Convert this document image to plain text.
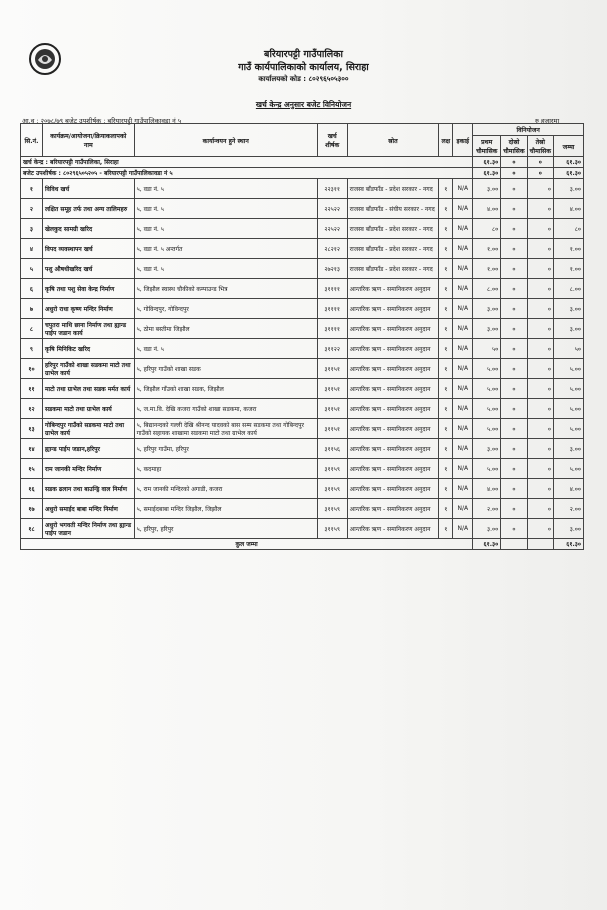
बरियारपट्टी गाउँपालिका
गाउँ कार्यपालिकाको कार्यालय, सिराहा
कार्यालयको कोड : ८०२९६५०५३००
खर्च केन्द्र अनुसार बजेट विनियोजन
आ.व : २०७८/७९ बजेट उपशीर्षक : बरियारपट्टी गाउँपालिकावडा नं ५	रु हजारमा
सि.नं.	कार्यक्रम/आयोजना/क्रियाकलापको नाम	कार्यान्वयन हुने स्थान	खर्च शीर्षक	स्रोत	लक्ष	इकाई	विनियोजन			
							प्रथम चौमासिक	दोस्रो चौमासिक	तेस्रो चौमासिक	जम्मा
खर्च केन्द्र : बरियारपट्टी गाउँपालिका, सिराहा							६१.३०	०	०	६१.३०
बजेट उपशीर्षक : ८०२९६५०५२०५ - बरियारपट्टी गाउँपालिकावडा नं ५							६१.३०	०	०	६१.३०
१	विविध खर्च	५, वडा नं. ५	२२३११	राजस्व बाँडफाँड - प्रदेश सरकार - नगद	१	N/A	३.००	०	०	३.००
२	लक्षित समूह तर्फ तथा अन्य तालिमहरु	५, वडा नं. ५	२२५२२	राजस्व बाँडफाँड - संघीय सरकार - नगद	१	N/A	४.००	०	०	४.००
३	खेलकुद सामग्री खरिद	५, वडा नं. ५	२२५२२	राजस्व बाँडफाँड - प्रदेश सरकार - नगद	१	N/A	८०	०	०	८०
४	विपद व्यवस्थापन खर्च	५, वडा नं. ५ अन्तर्गत	२८२१२	राजस्व बाँडफाँड - प्रदेश सरकार - नगद	१	N/A	१.००	०	०	१.००
५	पशु औषधीखरिद खर्च	५, वडा नं. ५	२७२१३	राजस्व बाँडफाँड - प्रदेश सरकार - नगद	१	N/A	१.००	०	०	१.००
६	कृषि तथा पशु सेवा केन्द्र निर्माण	५, जिझौल स्वास्थ चौकीको कम्पाउन्ड भित्र	३११११	आन्तरिक ऋण - समानिकरण अनुदान	१	N/A	८.००	०	०	८.००
७	अधुरो राधा कृष्ण मन्दिर निर्माण	५, गोविन्दपुर, गोविन्दपुर	३११११	आन्तरिक ऋण - समानिकरण अनुदान	१	N/A	३.००	०	०	३.००
८	चपुतरा माथि छाना निर्माण तथा ह्यान्ड पाईप जडान कार्य	५, ठोमा बस्तीमा जिझौल	३११११	आन्तरिक ऋण - समानिकरण अनुदान	१	N/A	३.००	०	०	३.००
९	कृषि मिनिकिट खरिद	५, वडा नं. ५	३११२२	आन्तरिक ऋण - समानिकरण अनुदान	१	N/A	५०	०	०	५०
१०	हरिपुर गाउँको शाखा सडकमा माटो तथा ग्राभेल कार्य	५, हरिपुर गाउँको शाखा सडक	३११५१	आन्तरिक ऋण - समानिकरण अनुदान	१	N/A	५.००	०	०	५.००
११	माटो तथा ग्राभेल तथा सडक मर्मत कार्य	५, जिझौल गाँउको शाखा सडक, जिझौल	३११५१	आन्तरिक ऋण - समानिकरण अनुदान	१	N/A	५.००	०	०	५.००
१२	सडकमा माटो तथा ग्राभेल कार्य	५, ज.मा.वि. देखि कजरा गाउँको शाखा सडकमा, कजरा	३११५१	आन्तरिक ऋण - समानिकरण अनुदान	१	N/A	५.००	०	०	५.००
१३	गोबिन्दपुर गाउँको सडकमा माटो तथा ग्राभेल कार्य	५, बिद्यानन्दको गल्ली देखि श्रीनन्द यादवको बास सम्म सडकमा तथा गोबिन्दपुर गाउँको सहायक शाखामा सडकमा माटो तथा ग्राभेल कार्य	३११५१	आन्तरिक ऋण - समानिकरण अनुदान	१	N/A	५.००	०	०	५.००
१४	ह्यान्ड पाईप जडान,हरिपुर	५, हरिपुर गाउँमा, हरिपुर	३११५६	आन्तरिक ऋण - समानिकरण अनुदान	१	N/A	३.००	०	०	३.००
१५	राम जानकी मन्दिर निर्माण	५, कदमाहा	३११५९	आन्तरिक ऋण - समानिकरण अनुदान	१	N/A	५.००	०	०	५.००
१६	सडक ढलान तथा बाउन्ड्रि वाल निर्माण	५, राम जानकी मन्दिरको अगाडी, कजरा	३११५९	आन्तरिक ऋण - समानिकरण अनुदान	१	N/A	४.००	०	०	४.००
१७	अधुरो समाईद बाबा मन्दिर निर्माण	५, समाईदबाबा मन्दिर जिझौल, जिझौल	३११५९	आन्तरिक ऋण - समानिकरण अनुदान	१	N/A	२.००	०	०	२.००
१८	अधुरो भगवती मन्दिर निर्माण तथा ह्यान्ड पाईप जडान	५, हरिपुर, हरिपुर	३११५९	आन्तरिक ऋण - समानिकरण अनुदान	१	N/A	३.००	०	०	३.००
कुल जम्मा							६१.३०			६१.३०
